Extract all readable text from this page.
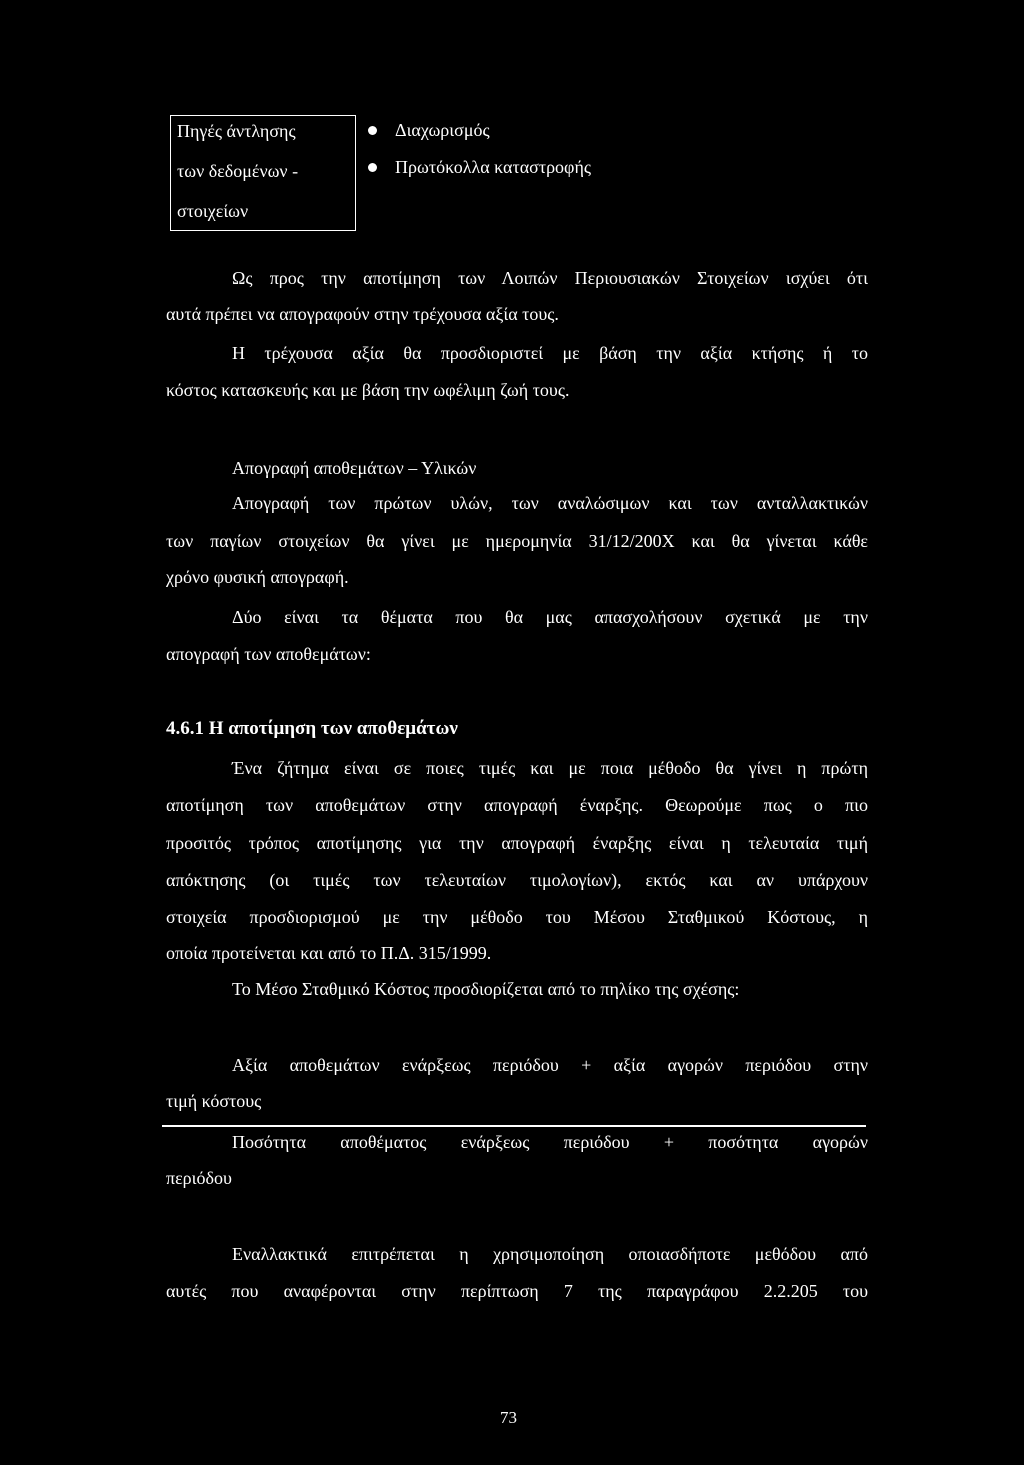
Πηγές άντλησης
των δεδομένων -
στοιχείων
Διαχωρισμός
Πρωτόκολλα καταστροφής
Ως προς την αποτίμηση των Λοιπών Περιουσιακών Στοιχείων ισχύει ότι
αυτά πρέπει να απογραφούν στην τρέχουσα αξία τους.
Η τρέχουσα αξία θα προσδιοριστεί με βάση την αξία κτήσης ή το
κόστος κατασκευής και με βάση την ωφέλιμη ζωή τους.
Απογραφή αποθεμάτων – Υλικών
Απογραφή των πρώτων υλών, των αναλώσιμων και των ανταλλακτικών
των παγίων στοιχείων θα γίνει με ημερομηνία 31/12/200Χ και θα γίνεται κάθε
χρόνο φυσική απογραφή.
Δύο είναι τα θέματα που θα μας απασχολήσουν σχετικά με την
απογραφή των αποθεμάτων:
4.6.1 Η αποτίμηση των αποθεμάτων
Ένα ζήτημα είναι σε ποιες τιμές και με ποια μέθοδο θα γίνει η πρώτη
αποτίμηση των αποθεμάτων στην απογραφή έναρξης. Θεωρούμε πως ο πιο
προσιτός τρόπος αποτίμησης για την απογραφή έναρξης είναι η τελευταία τιμή
απόκτησης (οι τιμές των τελευταίων τιμολογίων), εκτός και αν υπάρχουν
στοιχεία προσδιορισμού με την μέθοδο του Μέσου Σταθμικού Κόστους, η
οποία προτείνεται και από το Π.Δ. 315/1999.
Το Μέσο Σταθμικό Κόστος προσδιορίζεται από το πηλίκο της σχέσης:
Αξία αποθεμάτων ενάρξεως περιόδου + αξία αγορών περιόδου στην
τιμή κόστους
Ποσότητα αποθέματος ενάρξεως περιόδου + ποσότητα αγορών
περιόδου
Εναλλακτικά επιτρέπεται η χρησιμοποίηση οποιασδήποτε μεθόδου από
αυτές που αναφέρονται στην περίπτωση 7 της παραγράφου 2.2.205 του
73
